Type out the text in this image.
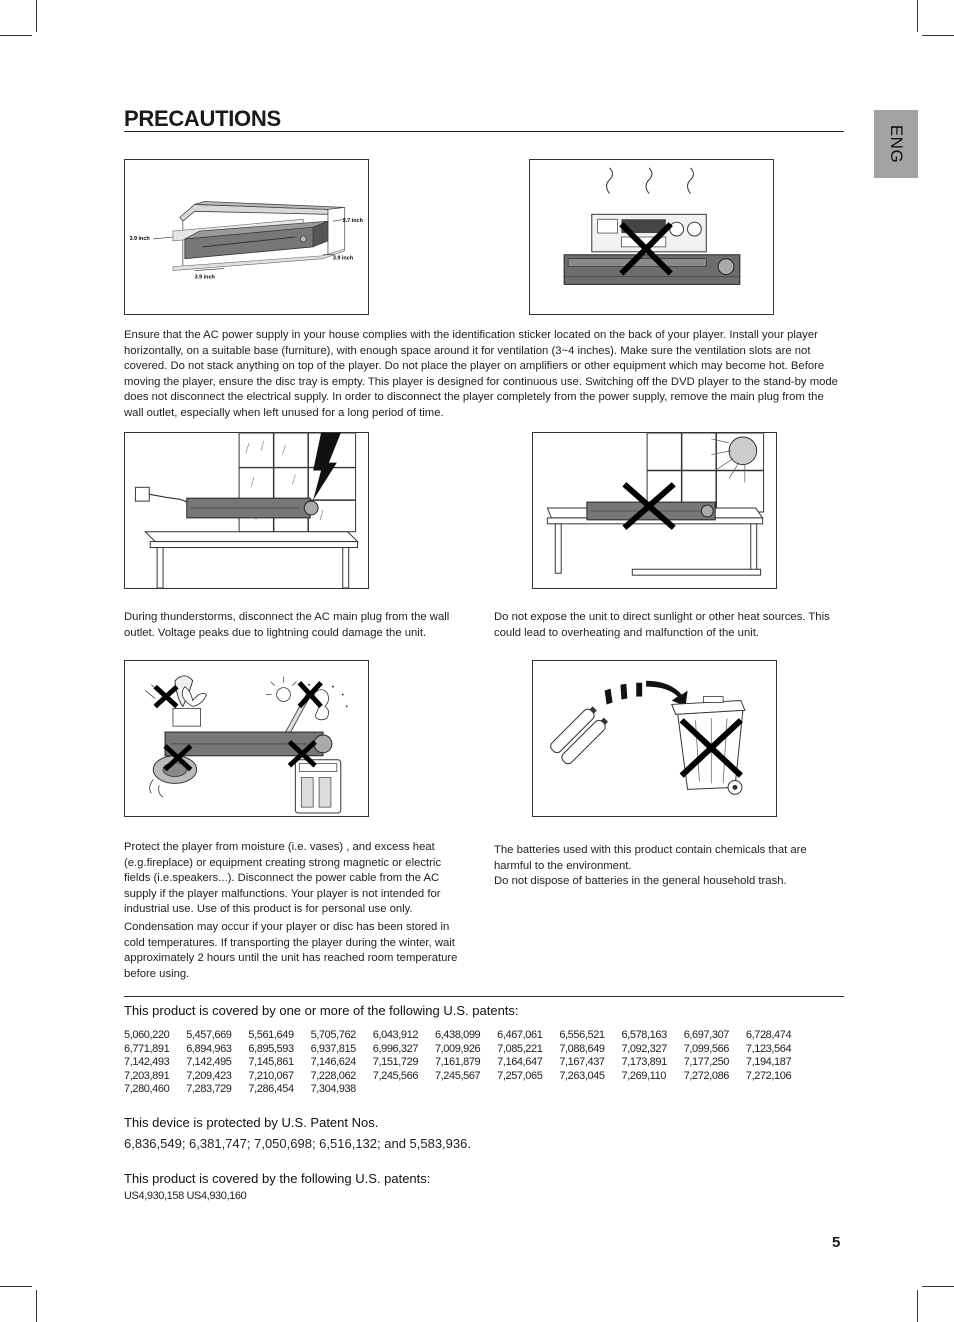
PRECAUTIONS
ENG
3.9 inch
2.7 inch
3.9 inch
3.9 inch

Ensure that the AC power supply in your house complies with the identification sticker located on the back of your player. Install your player horizontally, on a suitable base (furniture), with enough space around it for ventilation (3~4 inches). Make sure the ventilation slots are not covered. Do not stack anything on top of the player. Do not place the player on amplifiers or other equipment which may become hot. Before moving the player, ensure the disc tray is empty. This player is designed for continuous use. Switching off the DVD player to the stand-by mode does not disconnect the electrical supply. In order to disconnect the player completely from the power supply, remove the main plug from the wall outlet, especially when left unused for a long period of time.

During thunderstorms, disconnect the AC main plug from the wall outlet. Voltage peaks due to lightning could damage the unit.

Do not expose the unit to direct sunlight or other heat sources. This could lead to overheating and malfunction of the unit.

Protect the player from moisture (i.e. vases) , and excess heat (e.g.fireplace) or equipment creating strong magnetic or electric fields (i.e.speakers...). Disconnect the power cable from the AC supply if the player malfunctions. Your player is not intended for industrial use. Use of this product is for personal use only.

Condensation may occur if your player or disc has been stored in cold temperatures. If transporting the player during the winter, wait approximately 2 hours until the unit has reached room temperature before using.

The batteries used with this product contain chemicals that are harmful to the environment.

Do not dispose of batteries in the general household trash.

This product is covered by one or more of the following U.S. patents:
5,060,220	5,457,669	5,561,649	5,705,762	6,043,912	6,438,099	6,467,061	6,556,521	6,578,163	6,697,307	6,728,474
6,771,891	6,894,963	6,895,593	6,937,815	6,996,327	7,009,926	7,085,221	7,088,649	7,092,327	7,099,566	7,123,564
7,142,493	7,142,495	7,145,861	7,146,624	7,151,729	7,161,879	7,164,647	7,167,437	7,173,891	7,177,250	7,194,187
7,203,891	7,209,423	7,210,067	7,228,062	7,245,566	7,245,567	7,257,065	7,263,045	7,269,110	7,272,086	7,272,106
7,280,460	7,283,729	7,286,454	7,304,938
This device is protected by U.S. Patent Nos.

6,836,549; 6,381,747; 7,050,698; 6,516,132; and 5,583,936.

This product is covered by the following U.S. patents:

US4,930,158 US4,930,160

5
